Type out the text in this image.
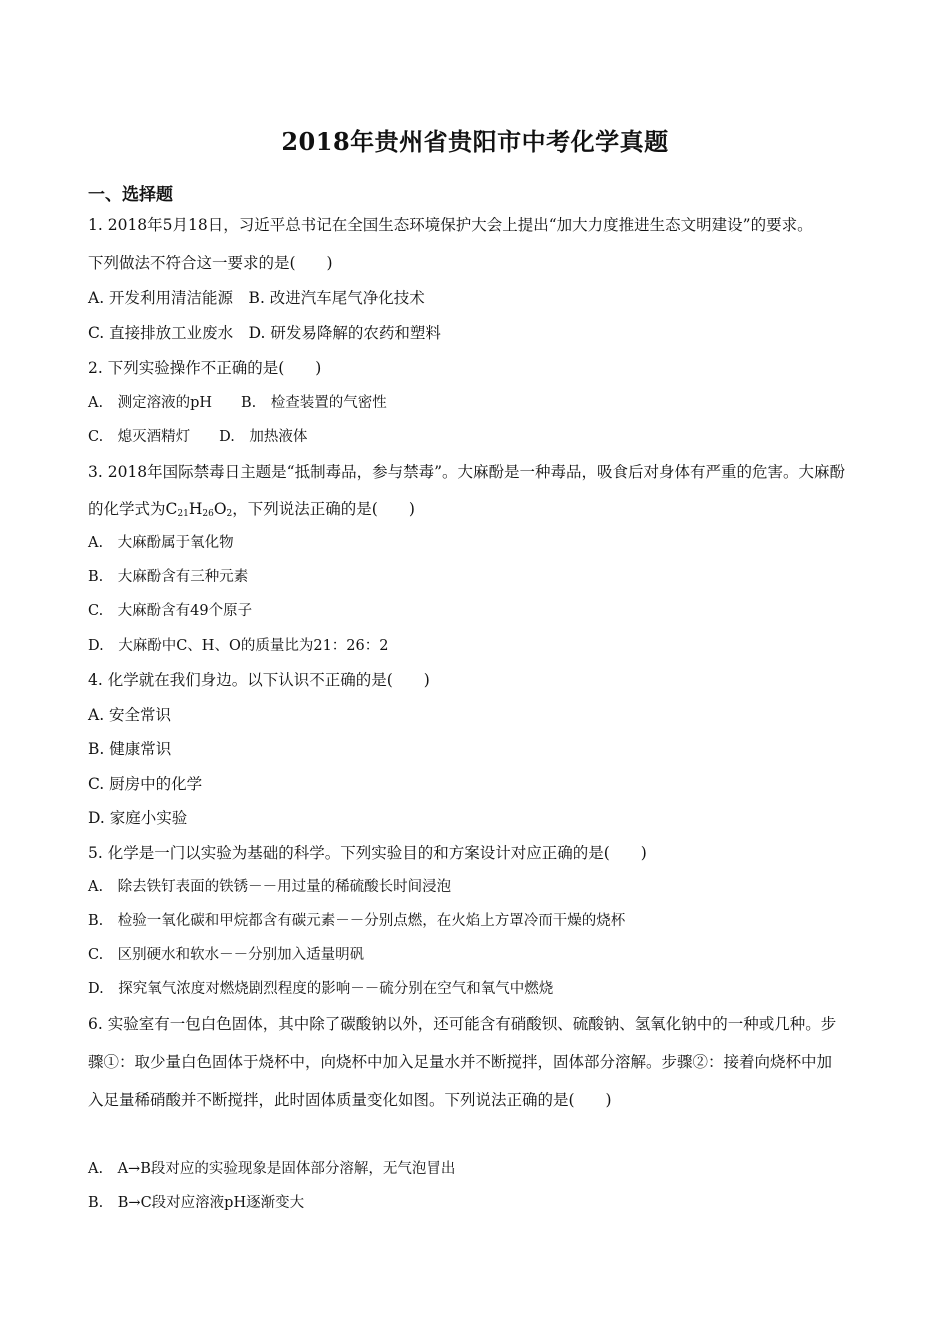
2018年贵州省贵阳市中考化学真题
一、选择题
1. 2018年5月18日，习近平总书记在全国生态环境保护大会上提出“加大力度推进生态文明建设”的要求。
下列做法不符合这一要求的是(　　)
A. 开发利用清洁能源　B. 改进汽车尾气净化技术
C. 直接排放工业废水　D. 研发易降解的农药和塑料
2. 下列实验操作不正确的是(　　)
A.　测定溶液的pH　　B.　检查装置的气密性
C.　熄灭酒精灯　　D.　加热液体
3. 2018年国际禁毒日主题是“抵制毒品，参与禁毒”。大麻酚是一种毒品，吸食后对身体有严重的危害。大麻酚
的化学式为$C_{21}H_{26}O_2$，下列说法正确的是(　　)
A.　大麻酚属于氧化物
B.　大麻酚含有三种元素
C.　大麻酚含有49个原子
D.　大麻酚中C、H、O的质量比为21：26：2
4. 化学就在我们身边。以下认识不正确的是(　　)
A. 安全常识
B. 健康常识
C. 厨房中的化学
D. 家庭小实验
5. 化学是一门以实验为基础的科学。下列实验目的和方案设计对应正确的是(　　)
A.　除去铁钉表面的铁锈－－用过量的稀硫酸长时间浸泡
B.　检验一氧化碳和甲烷都含有碳元素－－分别点燃，在火焰上方罩冷而干燥的烧杯
C.　区别硬水和软水－－分别加入适量明矾
D.　探究氧气浓度对燃烧剧烈程度的影响－－硫分别在空气和氧气中燃烧
6. 实验室有一包白色固体，其中除了碳酸钠以外，还可能含有硝酸钡、硫酸钠、氢氧化钠中的一种或几种。步
骤①：取少量白色固体于烧杯中，向烧杯中加入足量水并不断搅拌，固体部分溶解。步骤②：接着向烧杯中加
入足量稀硝酸并不断搅拌，此时固体质量变化如图。下列说法正确的是(　　)
A.　A→B段对应的实验现象是固体部分溶解，无气泡冒出
B.　B→C段对应溶液pH逐渐变大
